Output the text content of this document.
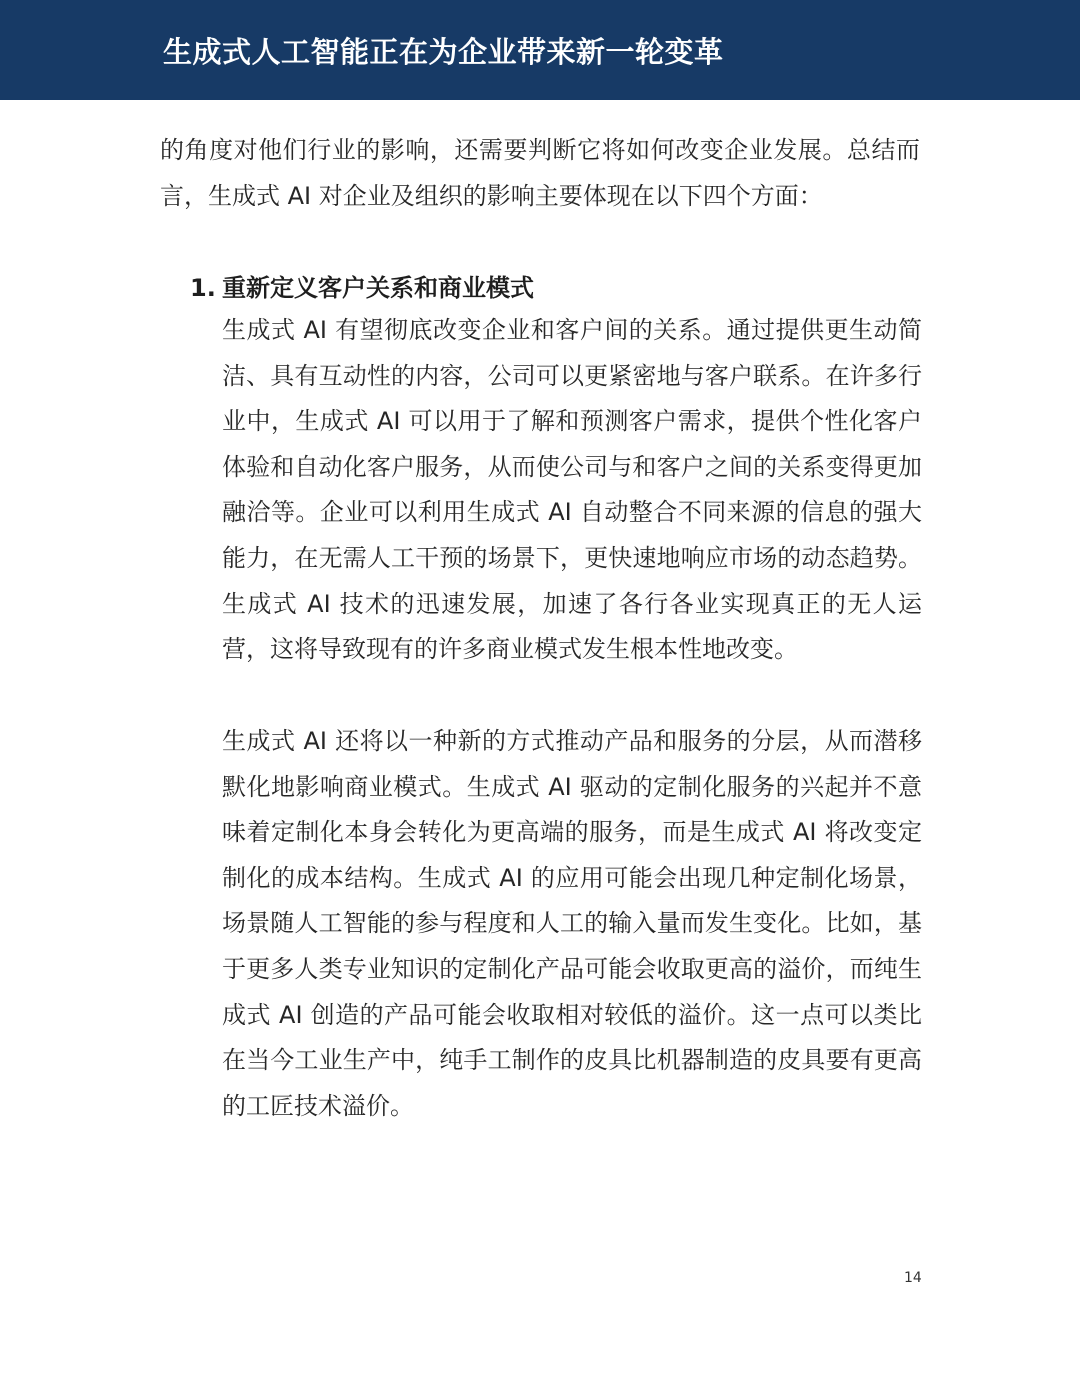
生成式人工智能正在为企业带来新一轮变革

的角度对他们行业的影响，还需要判断它将如何改变企业发展。总结而言，生成式 AI 对企业及组织的影响主要体现在以下四个方面：

1. 重新定义客户关系和商业模式

生成式 AI 有望彻底改变企业和客户间的关系。通过提供更生动简洁、具有互动性的内容，公司可以更紧密地与客户联系。在许多行业中，生成式 AI 可以用于了解和预测客户需求，提供个性化客户体验和自动化客户服务，从而使公司与和客户之间的关系变得更加融洽等。企业可以利用生成式 AI 自动整合不同来源的信息的强大能力，在无需人工干预的场景下，更快速地响应市场的动态趋势。生成式 AI 技术的迅速发展，加速了各行各业实现真正的无人运营，这将导致现有的许多商业模式发生根本性地改变。

生成式 AI 还将以一种新的方式推动产品和服务的分层，从而潜移默化地影响商业模式。生成式 AI 驱动的定制化服务的兴起并不意味着定制化本身会转化为更高端的服务，而是生成式 AI 将改变定制化的成本结构。生成式 AI 的应用可能会出现几种定制化场景，场景随人工智能的参与程度和人工的输入量而发生变化。比如，基于更多人类专业知识的定制化产品可能会收取更高的溢价，而纯生成式 AI 创造的产品可能会收取相对较低的溢价。这一点可以类比在当今工业生产中，纯手工制作的皮具比机器制造的皮具要有更高的工匠技术溢价。

14
